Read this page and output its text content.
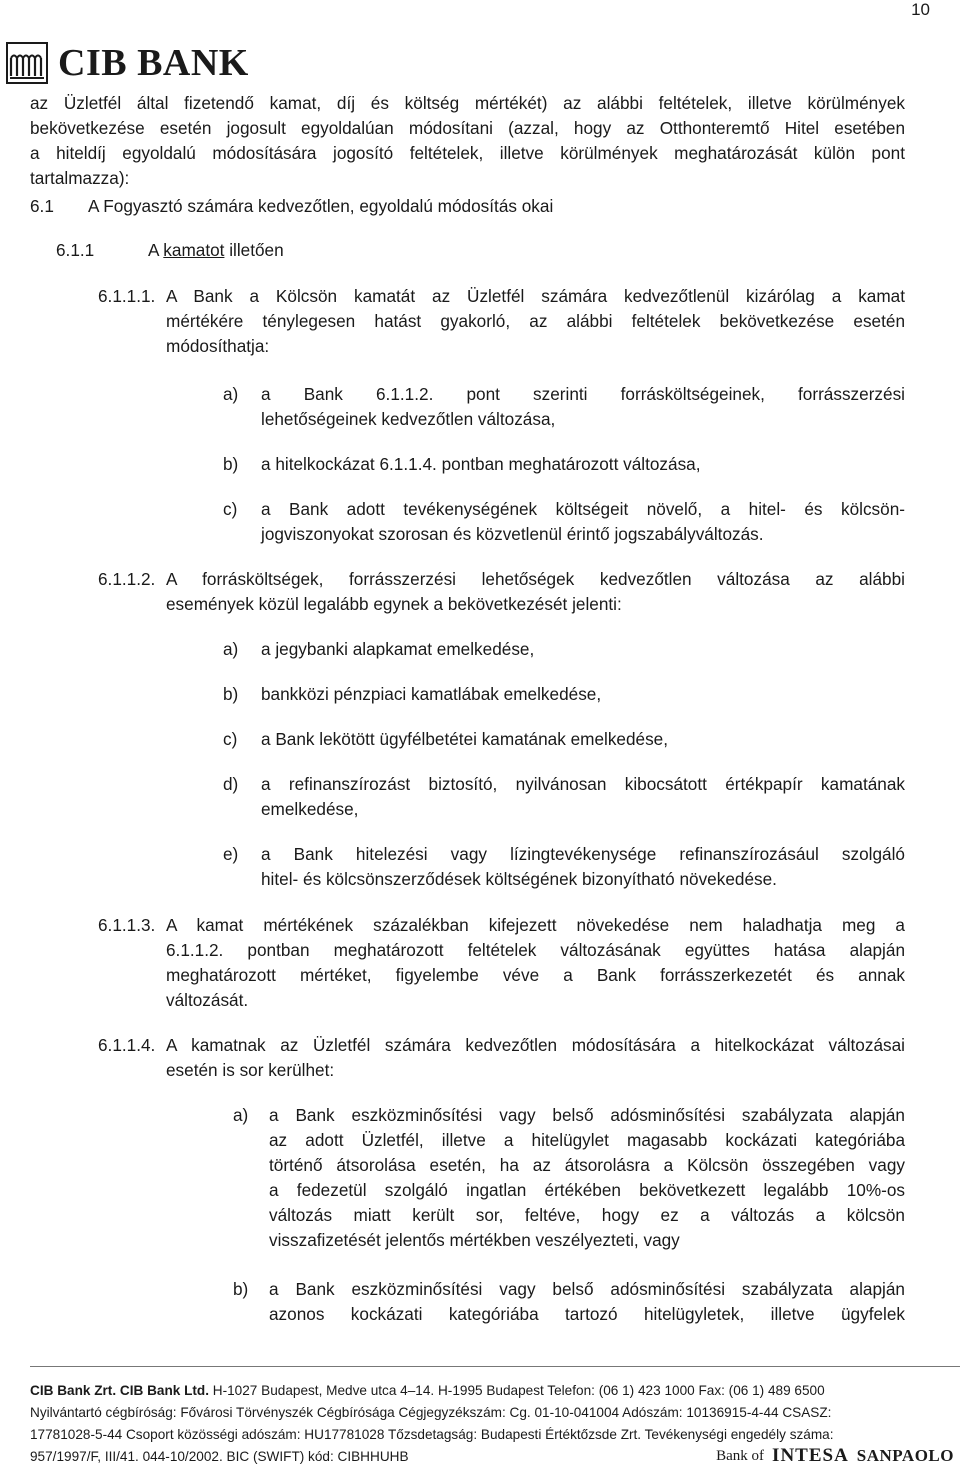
10
CIB BANK
az Üzletfél által fizetendő kamat, díj és költség mértékét) az alábbi feltételek, illetve körülmények
bekövetkezése esetén jogosult egyoldalúan módosítani (azzal, hogy az Otthonteremtő Hitel esetében
a hiteldíj egyoldalú módosítására jogosító feltételek, illetve körülmények meghatározását külön pont
tartalmazza):
6.1 A Fogyasztó számára kedvezőtlen, egyoldalú módosítás okai
6.1.1	A kamatot illetően
6.1.1.1. A Bank a Kölcsön kamatát az Üzletfél számára kedvezőtlenül kizárólag a kamat
mértékére ténylegesen hatást gyakorló, az alábbi feltételek bekövetkezése esetén
módosíthatja:
a) a Bank 6.1.1.2. pont szerinti forrásköltségeinek, forrásszerzési
lehetőségeinek kedvezőtlen változása,
b) a hitelkockázat 6.1.1.4. pontban meghatározott változása,
c) a Bank adott tevékenységének költségeit növelő, a hitel- és kölcsön-
jogviszonyokat szorosan és közvetlenül érintő jogszabályváltozás.
6.1.1.2. A forrásköltségek, forrásszerzési lehetőségek kedvezőtlen változása az alábbi
események közül legalább egynek a bekövetkezését jelenti:
a) a jegybanki alapkamat emelkedése,
b) bankközi pénzpiaci kamatlábak emelkedése,
c) a Bank lekötött ügyfélbetétei kamatának emelkedése,
d) a refinanszírozást biztosító, nyilvánosan kibocsátott értékpapír kamatának
emelkedése,
e) a Bank hitelezési vagy lízingtevékenysége refinanszírozásául szolgáló
hitel- és kölcsönszerződések költségének bizonyítható növekedése.
6.1.1.3. A kamat mértékének százalékban kifejezett növekedése nem haladhatja meg a
6.1.1.2. pontban meghatározott feltételek változásának együttes hatása alapján
meghatározott mértéket, figyelembe véve a Bank forrásszerkezetét és annak
változását.
6.1.1.4. A kamatnak az Üzletfél számára kedvezőtlen módosítására a hitelkockázat változásai
esetén is sor kerülhet:
a) a Bank eszközminősítési vagy belső adósminősítési szabályzata alapján
az adott Üzletfél, illetve a hitelügylet magasabb kockázati kategóriába
történő átsorolása esetén, ha az átsorolásra a Kölcsön összegében vagy
a fedezetül szolgáló ingatlan értékében bekövetkezett legalább 10%-os
változás miatt került sor, feltéve, hogy ez a változás a kölcsön
visszafizetését jelentős mértékben veszélyezteti, vagy
b) a Bank eszközminősítési vagy belső adósminősítési szabályzata alapján
azonos kockázati kategóriába tartozó hitelügyletek, illetve ügyfelek
CIB Bank Zrt. CIB Bank Ltd. H-1027 Budapest, Medve utca 4–14. H-1995 Budapest Telefon: (06 1) 423 1000 Fax: (06 1) 489 6500
Nyilvántartó cégbíróság: Fővárosi Törvényszék Cégbírósága Cégjegyzékszám: Cg. 01-10-041004 Adószám: 10136915-4-44 CSASZ:
17781028-5-44 Csoport közösségi adószám: HU17781028 Tőzsdetagság: Budapesti Értéktőzsde Zrt. Tevékenységi engedély száma:
957/1997/F, III/41. 044-10/2002. BIC (SWIFT) kód: CIBHHUHB	Bank of INTESA SANPAOLO
